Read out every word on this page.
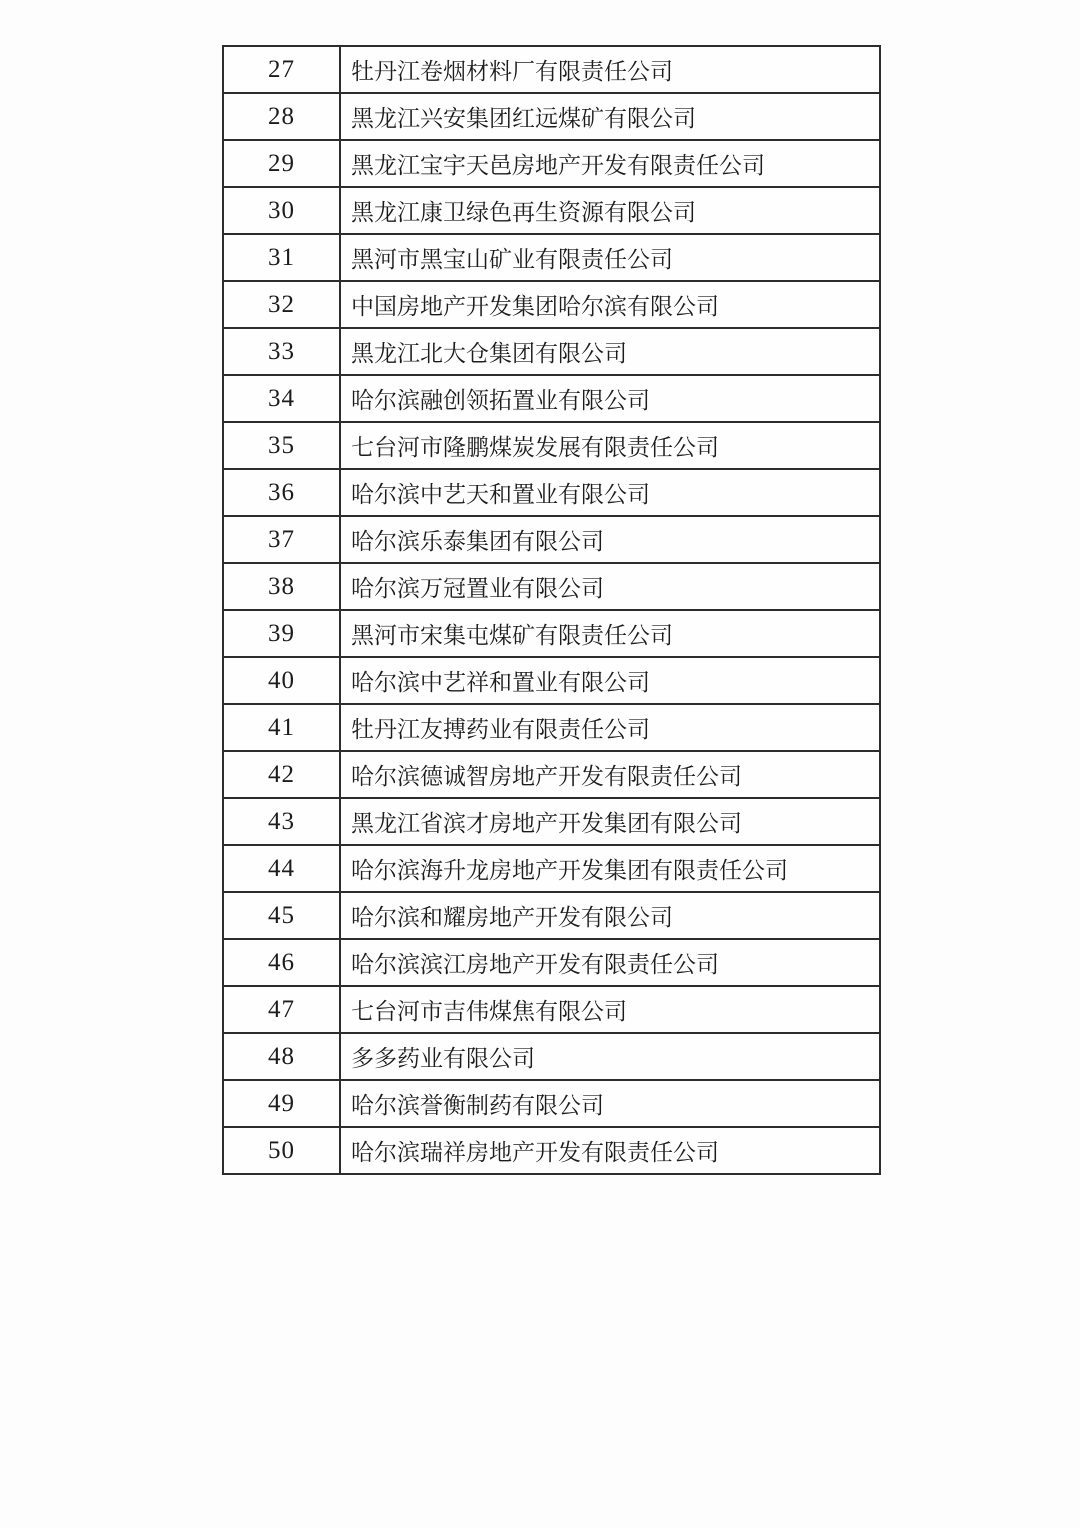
27	牡丹江卷烟材料厂有限责任公司
28	黑龙江兴安集团红远煤矿有限公司
29	黑龙江宝宇天邑房地产开发有限责任公司
30	黑龙江康卫绿色再生资源有限公司
31	黑河市黑宝山矿业有限责任公司
32	中国房地产开发集团哈尔滨有限公司
33	黑龙江北大仓集团有限公司
34	哈尔滨融创领拓置业有限公司
35	七台河市隆鹏煤炭发展有限责任公司
36	哈尔滨中艺天和置业有限公司
37	哈尔滨乐泰集团有限公司
38	哈尔滨万冠置业有限公司
39	黑河市宋集屯煤矿有限责任公司
40	哈尔滨中艺祥和置业有限公司
41	牡丹江友搏药业有限责任公司
42	哈尔滨德诚智房地产开发有限责任公司
43	黑龙江省滨才房地产开发集团有限公司
44	哈尔滨海升龙房地产开发集团有限责任公司
45	哈尔滨和耀房地产开发有限公司
46	哈尔滨滨江房地产开发有限责任公司
47	七台河市吉伟煤焦有限公司
48	多多药业有限公司
49	哈尔滨誉衡制药有限公司
50	哈尔滨瑞祥房地产开发有限责任公司
